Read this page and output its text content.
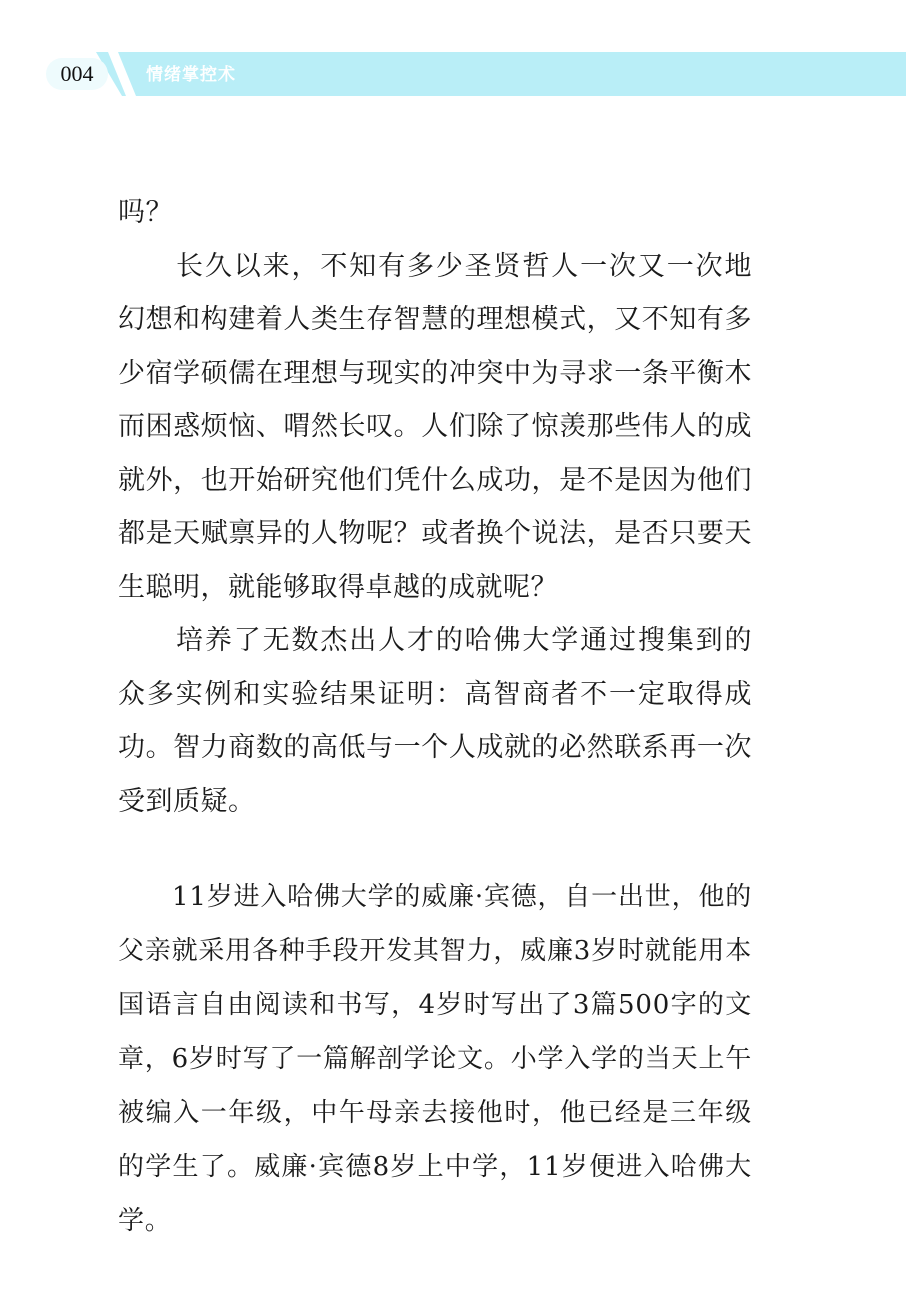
004	情绪掌控术

吗？

长久以来，不知有多少圣贤哲人一次又一次地幻想和构建着人类生存智慧的理想模式，又不知有多少宿学硕儒在理想与现实的冲突中为寻求一条平衡木而困惑烦恼、喟然长叹。人们除了惊羡那些伟人的成就外，也开始研究他们凭什么成功，是不是因为他们都是天赋禀异的人物呢？或者换个说法，是否只要天生聪明，就能够取得卓越的成就呢？

培养了无数杰出人才的哈佛大学通过搜集到的众多实例和实验结果证明：高智商者不一定取得成功。智力商数的高低与一个人成就的必然联系再一次受到质疑。

11岁进入哈佛大学的威廉·宾德，自一出世，他的父亲就采用各种手段开发其智力，威廉3岁时就能用本国语言自由阅读和书写，4岁时写出了3篇500字的文章，6岁时写了一篇解剖学论文。小学入学的当天上午被编入一年级，中午母亲去接他时，他已经是三年级的学生了。威廉·宾德8岁上中学，11岁便进入哈佛大学。
